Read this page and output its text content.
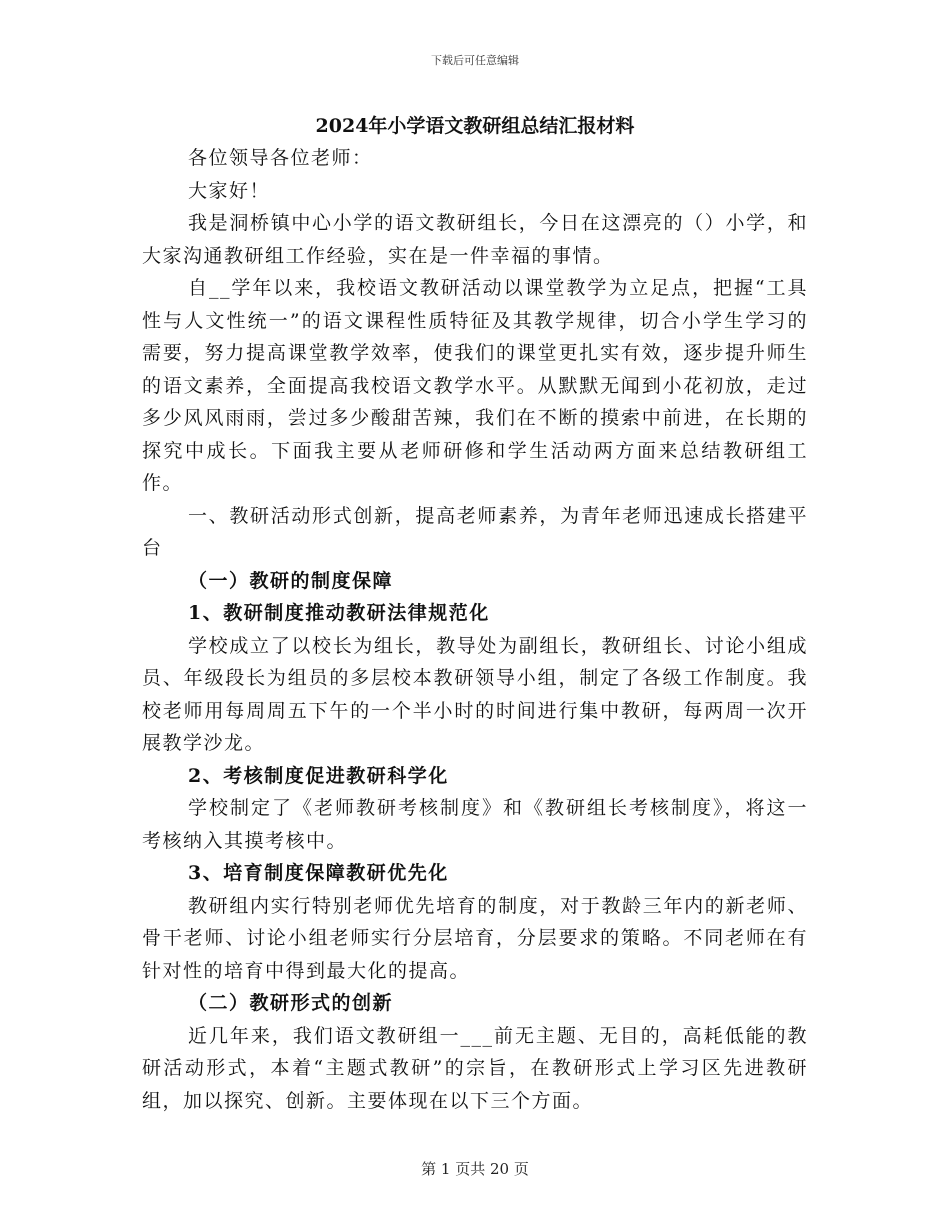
下载后可任意编辑
2024年小学语文教研组总结汇报材料

各位领导各位老师：

大家好！

我是洞桥镇中心小学的语文教研组长，今日在这漂亮的（）小学，和大家沟通教研组工作经验，实在是一件幸福的事情。

自__学年以来，我校语文教研活动以课堂教学为立足点，把握“工具性与人文性统一”的语文课程性质特征及其教学规律，切合小学生学习的需要，努力提高课堂教学效率，使我们的课堂更扎实有效，逐步提升师生的语文素养，全面提高我校语文教学水平。从默默无闻到小花初放，走过多少风风雨雨，尝过多少酸甜苦辣，我们在不断的摸索中前进，在长期的探究中成长。下面我主要从老师研修和学生活动两方面来总结教研组工作。

一、教研活动形式创新，提高老师素养，为青年老师迅速成长搭建平台

（一）教研的制度保障

1、教研制度推动教研法律规范化

学校成立了以校长为组长，教导处为副组长，教研组长、讨论小组成员、年级段长为组员的多层校本教研领导小组，制定了各级工作制度。我校老师用每周周五下午的一个半小时的时间进行集中教研，每两周一次开展教学沙龙。

2、考核制度促进教研科学化

学校制定了《老师教研考核制度》和《教研组长考核制度》，将这一考核纳入其摸考核中。

3、培育制度保障教研优先化

教研组内实行特别老师优先培育的制度，对于教龄三年内的新老师、骨干老师、讨论小组老师实行分层培育，分层要求的策略。不同老师在有针对性的培育中得到最大化的提高。

（二）教研形式的创新

近几年来，我们语文教研组一___前无主题、无目的，高耗低能的教研活动形式，本着“主题式教研”的宗旨，在教研形式上学习区先进教研组，加以探究、创新。主要体现在以下三个方面。

第 1 页共 20 页
